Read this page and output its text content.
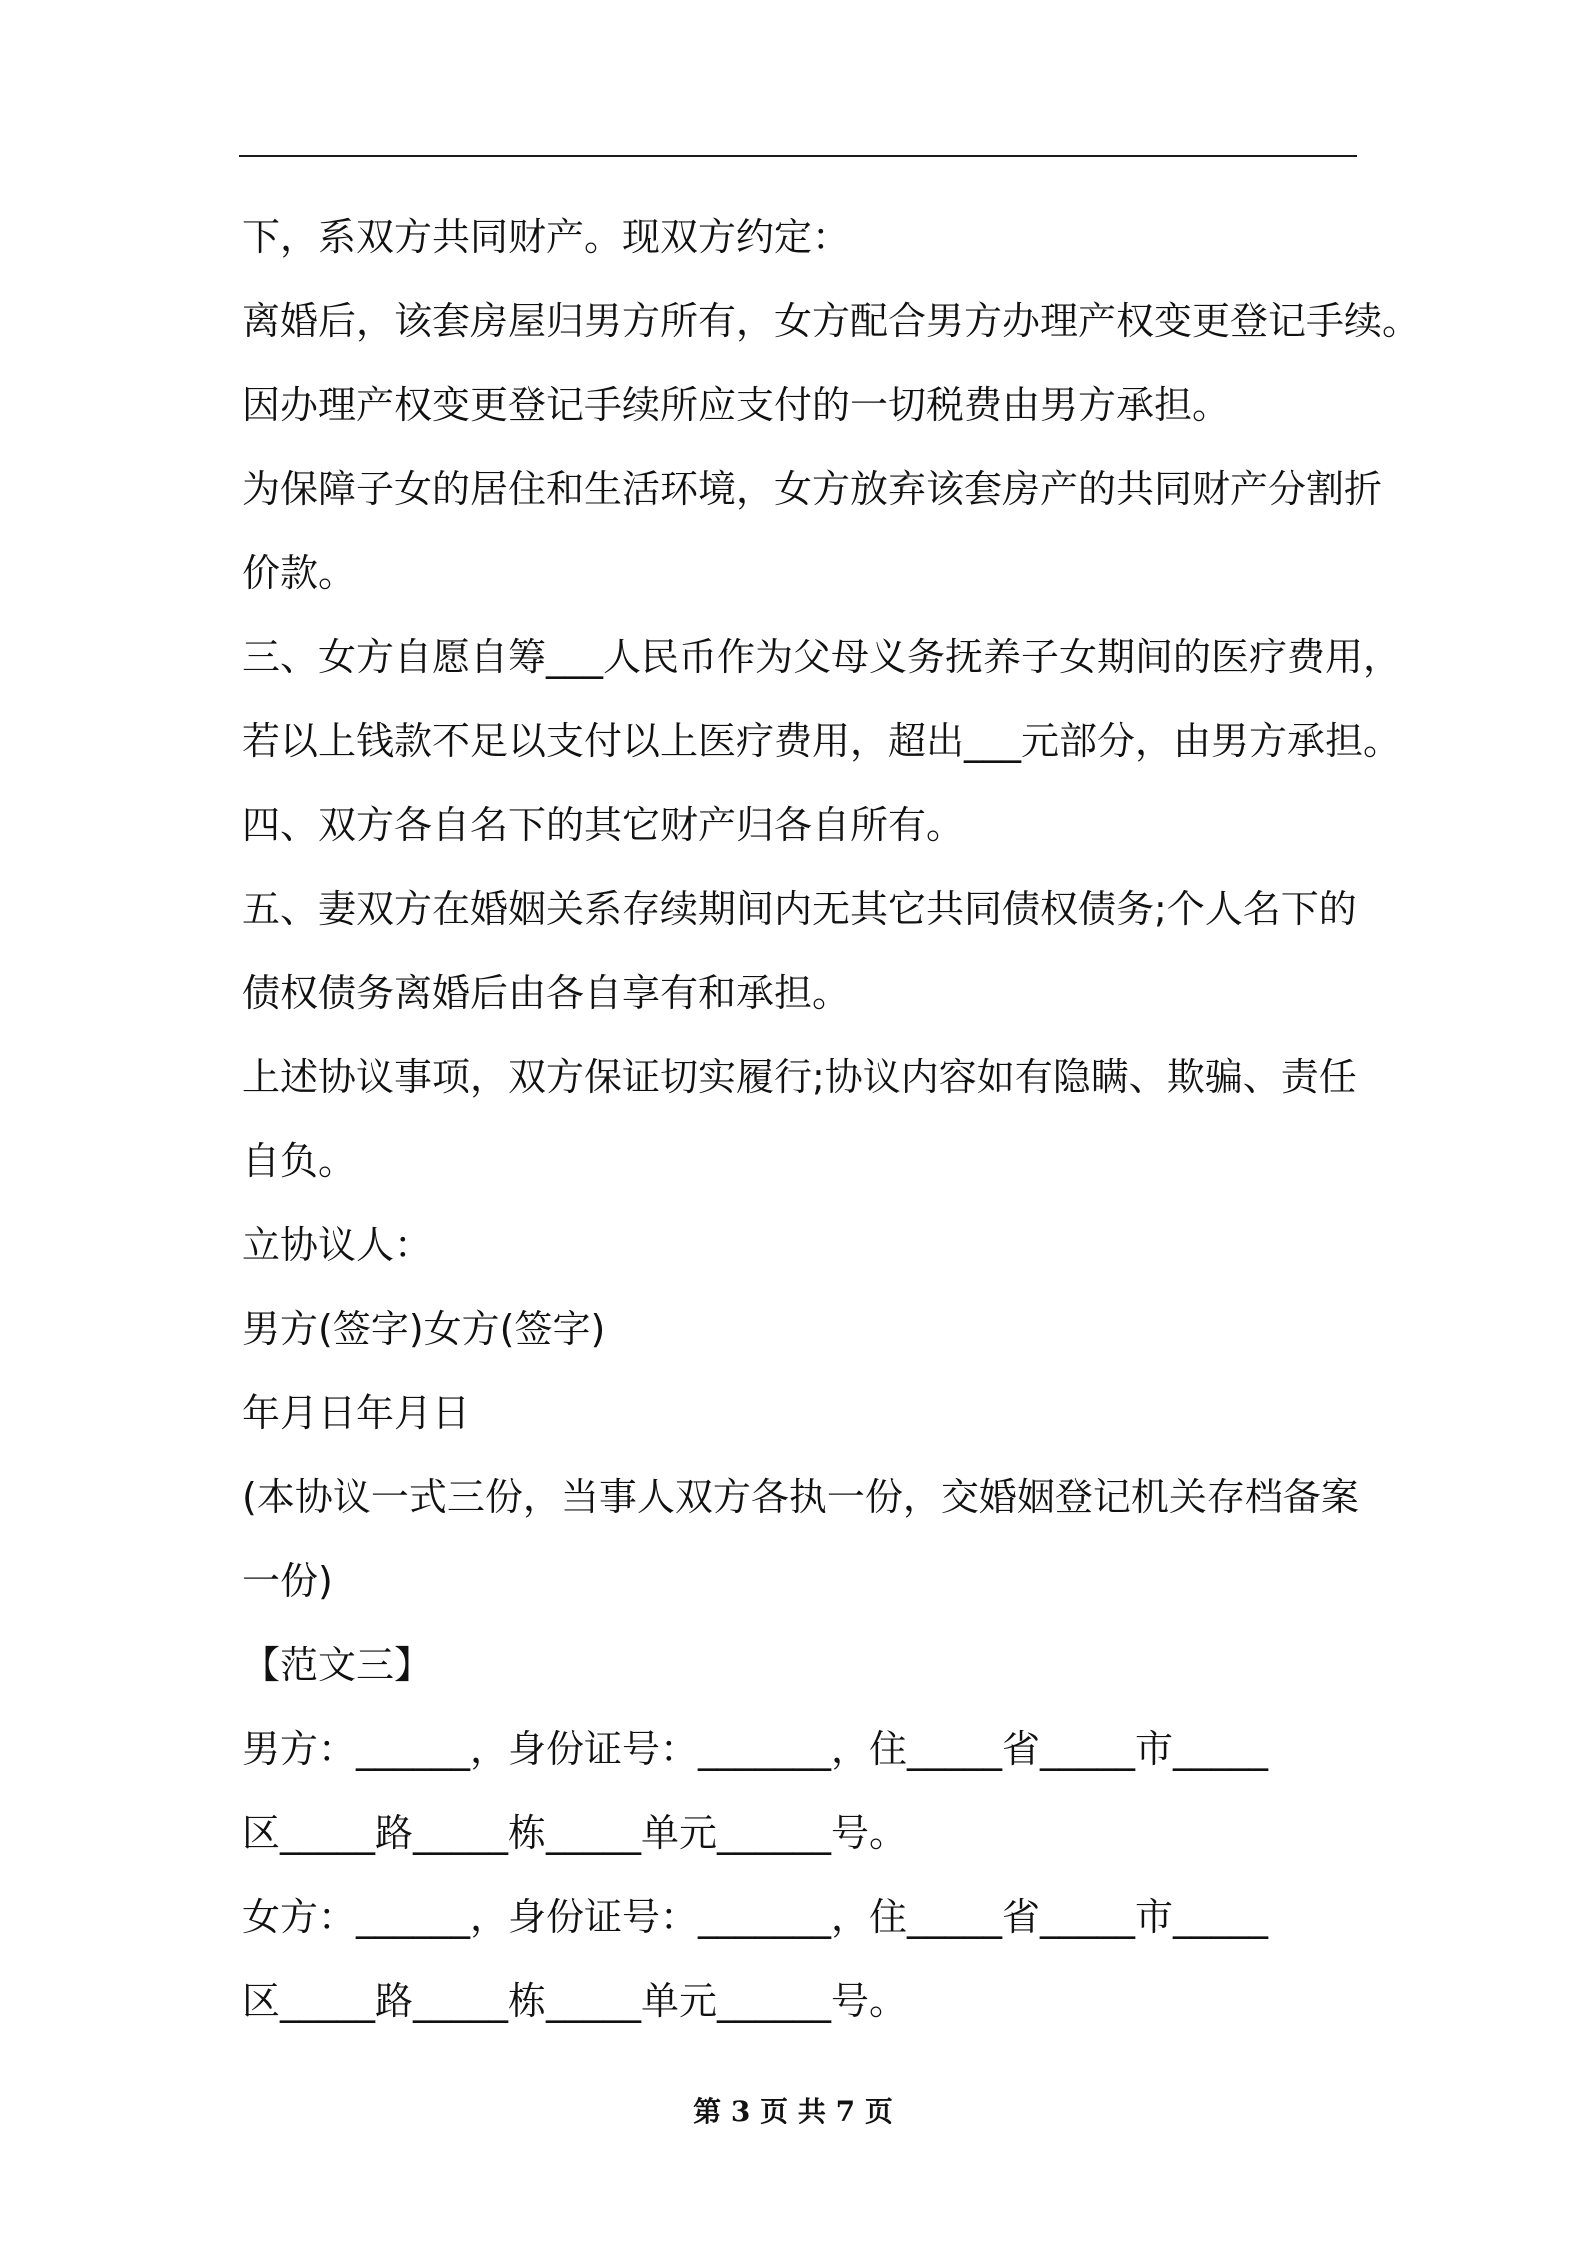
下，系双方共同财产。现双方约定：
离婚后，该套房屋归男方所有，女方配合男方办理产权变更登记手续。
因办理产权变更登记手续所应支付的一切税费由男方承担。
为保障子女的居住和生活环境，女方放弃该套房产的共同财产分割折
价款。
三、女方自愿自筹___人民币作为父母义务抚养子女期间的医疗费用，
若以上钱款不足以支付以上医疗费用，超出___元部分，由男方承担。
四、双方各自名下的其它财产归各自所有。
五、妻双方在婚姻关系存续期间内无其它共同债权债务;个人名下的
债权债务离婚后由各自享有和承担。
上述协议事项，双方保证切实履行;协议内容如有隐瞒、欺骗、责任
自负。
立协议人：
男方(签字)女方(签字)
年月日年月日
(本协议一式三份，当事人双方各执一份，交婚姻登记机关存档备案
一份)
【范文三】
男方：______，身份证号：_______，住_____省_____市_____
区_____路_____栋_____单元______号。
女方：______，身份证号：_______，住_____省_____市_____
区_____路_____栋_____单元______号。
第 3 页 共 7 页
